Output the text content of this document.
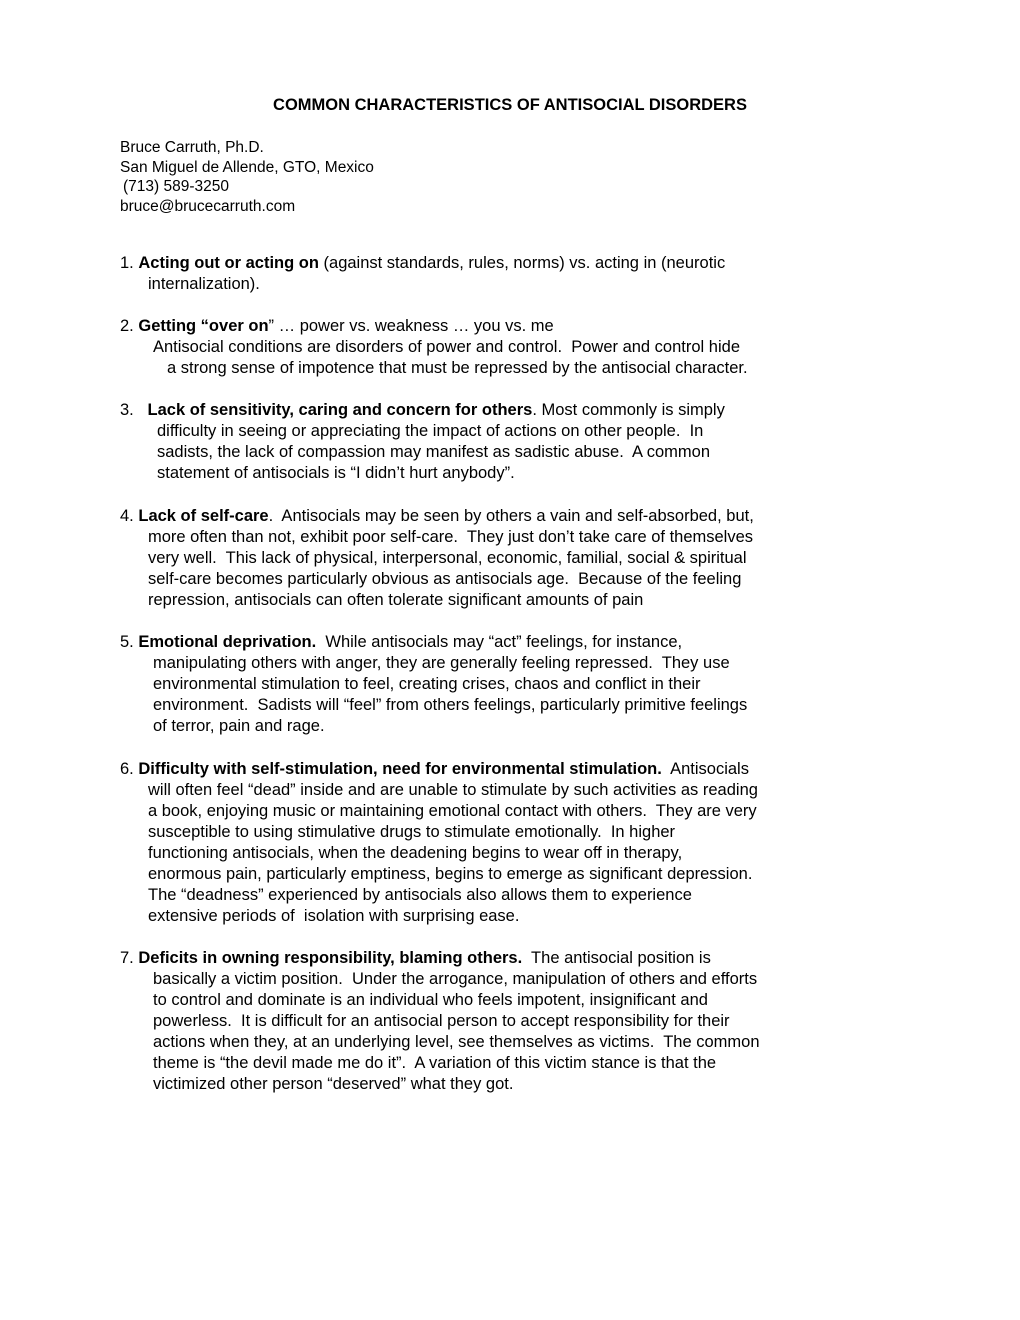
COMMON CHARACTERISTICS OF ANTISOCIAL DISORDERS
Bruce Carruth, Ph.D.
San Miguel de Allende, GTO, Mexico
(713) 589-3250
bruce@brucecarruth.com
1. Acting out or acting on (against standards, rules, norms) vs. acting in (neurotic
internalization).
2. Getting “over on” … power vs. weakness … you vs. me
Antisocial conditions are disorders of power and control.  Power and control hide
a strong sense of impotence that must be repressed by the antisocial character.
3.   Lack of sensitivity, caring and concern for others. Most commonly is simply
difficulty in seeing or appreciating the impact of actions on other people.  In
sadists, the lack of compassion may manifest as sadistic abuse.  A common
statement of antisocials is “I didn’t hurt anybody”.
4. Lack of self-care.  Antisocials may be seen by others a vain and self-absorbed, but,
more often than not, exhibit poor self-care.  They just don’t take care of themselves
very well.  This lack of physical, interpersonal, economic, familial, social & spiritual
self-care becomes particularly obvious as antisocials age.  Because of the feeling
repression, antisocials can often tolerate significant amounts of pain
5. Emotional deprivation.  While antisocials may “act” feelings, for instance,
manipulating others with anger, they are generally feeling repressed.  They use
environmental stimulation to feel, creating crises, chaos and conflict in their
environment.  Sadists will “feel” from others feelings, particularly primitive feelings
of terror, pain and rage.
6. Difficulty with self-stimulation, need for environmental stimulation.  Antisocials
will often feel “dead” inside and are unable to stimulate by such activities as reading
a book, enjoying music or maintaining emotional contact with others.  They are very
susceptible to using stimulative drugs to stimulate emotionally.  In higher
functioning antisocials, when the deadening begins to wear off in therapy,
enormous pain, particularly emptiness, begins to emerge as significant depression.
The “deadness” experienced by antisocials also allows them to experience
extensive periods of  isolation with surprising ease.
7. Deficits in owning responsibility, blaming others.  The antisocial position is
basically a victim position.  Under the arrogance, manipulation of others and efforts
to control and dominate is an individual who feels impotent, insignificant and
powerless.  It is difficult for an antisocial person to accept responsibility for their
actions when they, at an underlying level, see themselves as victims.  The common
theme is “the devil made me do it”.  A variation of this victim stance is that the
victimized other person “deserved” what they got.
